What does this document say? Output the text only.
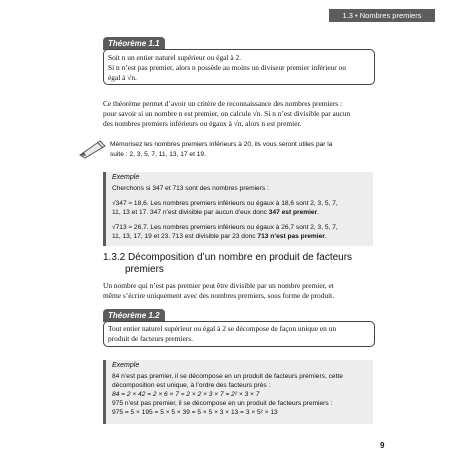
1.3 • Nombres premiers
Théorème 1.1
Soit n un entier naturel supérieur ou égal à 2.
Si n n’est pas premier, alors n possède au moins un diviseur premier inférieur ou
égal à √n.
Ce théorème permet d’avoir un critère de reconnaissance des nombres premiers :
pour savoir si un nombre n est premier, on calcule √n. Si n n’est divisible par aucun
des nombres premiers inférieurs ou égaux à √n, alors n est premier.
Mémorisez les nombres premiers inférieurs à 20, ils vous seront utiles par la
suite : 2, 3, 5, 7, 11, 13, 17 et 19.
Exemple
Cherchons si 347 et 713 sont des nombres premiers :
√347 ≈ 18,6. Les nombres premiers inférieurs ou égaux à 18,6 sont 2, 3, 5, 7,
11, 13 et 17. 347 n’est divisible par aucun d’eux donc 347 est premier.
√713 ≈ 26,7. Les nombres premiers inférieurs ou égaux à 26,7 sont 2, 3, 5, 7,
11, 13, 17, 19 et 23. 713 est divisible par 23 donc 713 n’est pas premier.
1.3.2 Décomposition d’un nombre en produit de facteurs
premiers
Un nombre qui n’est pas premier peut être divisible par un nombre premier, et
même s’écrire uniquement avec des nombres premiers, sous forme de produit.
Théorème 1.2
Tout entier naturel supérieur ou égal à 2 se décompose de façon unique en un
produit de facteurs premiers.
Exemple
84 n’est pas premier, il se décompose en un produit de facteurs premiers, cette
décomposition est unique, à l’ordre des facteurs près :
84 = 2 × 42 = 2 × 6 × 7 = 2 × 2 × 3 × 7 = 2² × 3 × 7
975 n’est pas premier, il se décompose en un produit de facteurs premiers :
975 = 5 × 195 = 5 × 5 × 39 = 5 × 5 × 3 × 13 = 3 × 5² × 13
9
